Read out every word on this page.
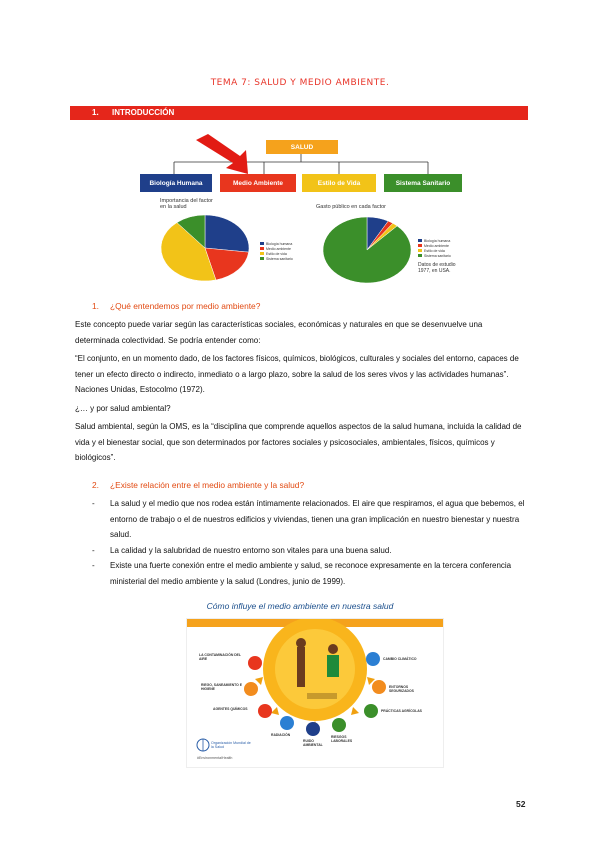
TEMA 7: SALUD Y MEDIO AMBIENTE.
1. INTRODUCCIÓN
SALUD
Biología Humana	Medio Ambiente	Estilo de Vida	Sistema Sanitario
Importancia del factor en la salud
Biología humana
Medio ambiente
Estilo de vida
Sistema sanitario
Gasto público en cada factor
Biología humana
Medio ambiente
Estilo de vida
Sistema sanitario
Datos de estudio 1977, en USA.
1. ¿Qué entendemos por medio ambiente?

Este concepto puede variar según las características sociales, económicas y naturales en que se desenvuelve una determinada colectividad. Se podría entender como:

“El conjunto, en un momento dado, de los factores físicos, químicos, biológicos, culturales y sociales del entorno, capaces de tener un efecto directo o indirecto, inmediato o a largo plazo, sobre la salud de los seres vivos y las actividades humanas”. Naciones Unidas, Estocolmo (1972).

¿… y por salud ambiental?

Salud ambiental, según la OMS, es la “disciplina que comprende aquellos aspectos de la salud humana, incluida la calidad de vida y el bienestar social, que son determinados por factores sociales y psicosociales, ambientales, físicos, químicos y biológicos”.

2. ¿Existe relación entre el medio ambiente y la salud?
- La salud y el medio que nos rodea están íntimamente relacionados. El aire que respiramos, el agua que bebemos, el entorno de trabajo o el de nuestros edificios y viviendas, tienen una gran implicación en nuestro bienestar y nuestra salud.
- La calidad y la salubridad de nuestro entorno son vitales para una buena salud.
- Existe una fuerte conexión entre el medio ambiente y salud, se reconoce expresamente en la tercera conferencia ministerial del medio ambiente y la salud (Londres, junio de 1999).
Cómo influye el medio ambiente en nuestra salud
LA CONTAMINACIÓN DEL AIRE
RIEGO, SANEAMIENTO E HIGIENE
AGENTES QUÍMICOS
RADIACIÓN
RUIDO AMBIENTAL
RIESGOS LABORALES
CAMBIO CLIMÁTICO
ENTORNOS SEGURIZADOS
PRÁCTICAS AGRÍCOLAS
Organización Mundial de la Salud
#EnvironmentalHealth
52
